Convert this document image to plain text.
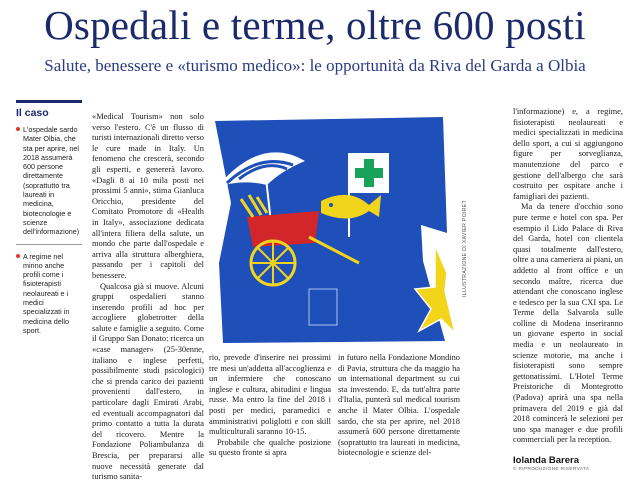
Ospedali e terme, oltre 600 posti
Salute, benessere e «turismo medico»: le opportunità da Riva del Garda a Olbia
Il caso
L'ospedale sardo Mater Olbia, che sta per aprire, nel 2018 assumerà 600 persone direttamente (soprattutto tra laureati in medicina, biotecnologie e scienze dell'informazione)
A regime nel mirino anche profili come i fisioterapisti neolaureati e i medici specializzati in medicina dello sport.

«Medical Tourism» non solo verso l'estero. C'è un flusso di turisti internazionali diretto verso le cure made in Italy. Un fenomeno che crescerà, secondo gli esperti, e genererà lavoro. «Dagli 8 ai 10 mila posti nei prossimi 5 anni», stima Gianluca Oricchio, presidente del Comitato Promotore di «Health in Italy», associazione dedicata all'intera filiera della salute, un mondo che parte dall'ospedale e arriva alla struttura alberghiera, passando per i capitoli del benessere.

Qualcosa già si muove. Alcuni gruppi ospedalieri stanno inserendo profili ad hoc per accogliere globetrotter della salute e famiglie a seguito. Come il Gruppo San Donato: ricerca un «case manager» (25-30enne, italiano e inglese perfetti, possibilmente studi psicologici) che si prenda carico dei pazienti provenienti dall'estero, in particolare dagli Emirati Arabi, ed eventuali accompagnatori dal primo contatto a tutta la durata del ricovero. Mentre la Fondazione Poliambulanza di Brescia, per prepararsi alle nuove necessità generate dal turismo sanita-

ILLUSTRAZIONE DI XAVIER POIRET

rio, prevede d'inserire nei prossimi tre mesi un'addetta all'accoglienza e un infermiere che conoscano inglese e cultura, abitudini e lingua russe. Ma entro la fine del 2018 i posti per medici, paramedici e amministrativi poliglotti e con skill multiculturali saranno 10-15.

Probabile che qualche posizione su questo fronte si apra

in futuro nella Fondazione Mondino di Pavia, struttura che da maggio ha un international department su cui sta investendo. E, da tutt'altra parte d'Italia, punterà sul medical tourism anche il Mater Olbia. L'ospedale sardo, che sta per aprire, nel 2018 assumerà 600 persone direttamente (soprattutto tra laureati in medicina, biotecnologie e scienze del-

l'informazione) e, a regime, fisioterapisti neolaureati e medici specializzati in medicina dello sport, a cui si aggiungono figure per sorveglianza, manutenzione del parco e gestione dell'albergo che sarà costruito per ospitare anche i famigliari dei pazienti.

Ma da tenere d'occhio sono pure terme e hotel con spa. Per esempio il Lido Palace di Riva del Garda, hotel con clientela quasi totalmente dall'estero, oltre a una cameriera ai piani, un addetto al front office e un secondo maître, ricerca due attendant che conoscano inglese e tedesco per la sua CXI spa. Le Terme della Salvarola sulle colline di Modena inseriranno un giovane esperto in social media e un neolaureato in scienze motorie, ma anche i fisioterapisti sono sempre gettonatissimi. L'Hotel Terme Preistoriche di Montegrotto (Padova) aprirà una spa nella primavera del 2019 e già dal 2018 comincerà le selezioni per uno spa manager e due profili commerciali per la reception.

Iolanda Barera
© RIPRODUZIONE RISERVATA
